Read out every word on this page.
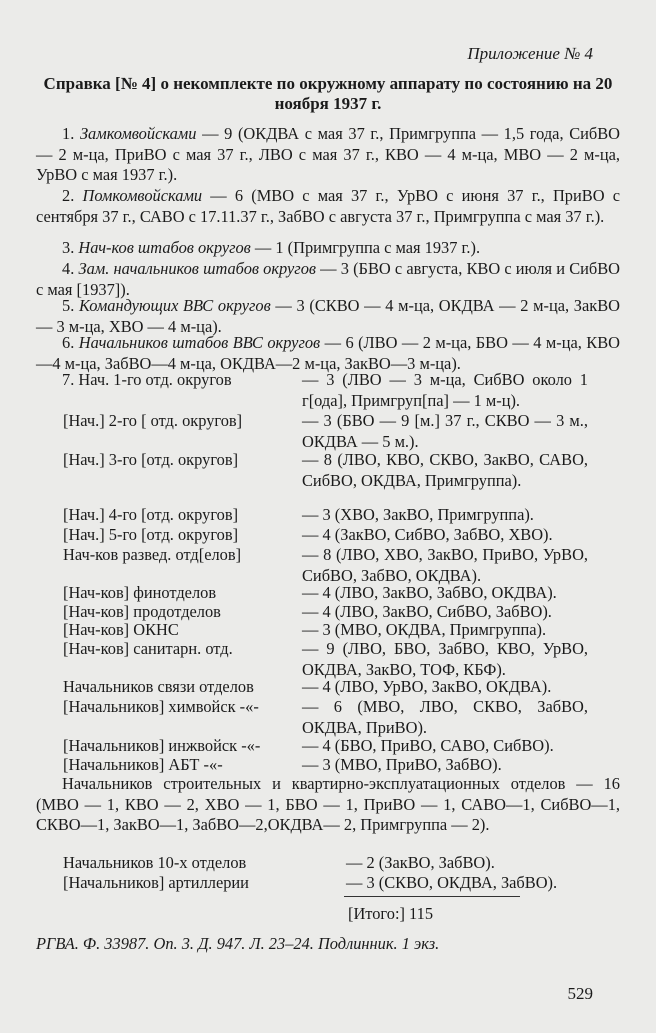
Приложение № 4
Справка [№ 4] о некомплекте по окружному аппарату по состоянию на 20 ноября 1937 г.
1. Замкомвойсками — 9 (ОКДВА с мая 37 г., Примгруппа — 1,5 года, СибВО — 2 м-ца, ПриВО с мая 37 г., ЛВО с мая 37 г., КВО — 4 м-ца, МВО — 2 м-ца, УрВО с мая 1937 г.).
2. Помкомвойсками — 6 (МВО с мая 37 г., УрВО с июня 37 г., ПриВО с сентября 37 г., САВО с 17.11.37 г., ЗабВО с августа 37 г., Примгруппа с мая 37 г.).
3. Нач-ков штабов округов — 1 (Примгруппа с мая 1937 г.).
4. Зам. начальников штабов округов — 3 (БВО с августа, КВО с июля и СибВО с мая [1937]).
5. Командующих ВВС округов — 3 (СКВО — 4 м-ца, ОКДВА — 2 м-ца, ЗакВО — 3 м-ца, ХВО — 4 м-ца).
6. Начальников штабов ВВС округов — 6 (ЛВО — 2 м-ца, БВО — 4 м-ца, КВО—4 м-ца, ЗабВО—4 м-ца, ОКДВА—2 м-ца, ЗакВО—3 м-ца).
7. Нач. 1-го отд. округов	— 3 (ЛВО — 3 м-ца, СибВО около 1 г[ода], Примгруп[па] — 1 м-ц).
[Нач.] 2-го [ отд. округов]	— 3 (БВО — 9 [м.] 37 г., СКВО — 3 м., ОКДВА — 5 м.).
[Нач.] 3-го [отд. округов]	— 8 (ЛВО, КВО, СКВО, ЗакВО, САВО, СибВО, ОКДВА, Примгруппа).
[Нач.] 4-го [отд. округов]	— 3 (ХВО, ЗакВО, Примгруппа).
[Нач.] 5-го [отд. округов]	— 4 (ЗакВО, СибВО, ЗабВО, ХВО).
Нач-ков развед. отд[елов]	— 8 (ЛВО, ХВО, ЗакВО, ПриВО, УрВО, СибВО, ЗабВО, ОКДВА).
[Нач-ков] финотделов	— 4 (ЛВО, ЗакВО, ЗабВО, ОКДВА).
[Нач-ков] продотделов	— 4 (ЛВО, ЗакВО, СибВО, ЗабВО).
[Нач-ков] ОКНС	— 3 (МВО, ОКДВА, Примгруппа).
[Нач-ков] санитарн. отд.	— 9 (ЛВО, БВО, ЗабВО, КВО, УрВО, ОКДВА, ЗакВО, ТОФ, КБФ).
Начальников связи отделов	— 4 (ЛВО, УрВО, ЗакВО, ОКДВА).
[Начальников] химвойск -«-	— 6 (МВО, ЛВО, СКВО, ЗабВО, ОКДВА, ПриВО).
[Начальников] инжвойск -«-	— 4 (БВО, ПриВО, САВО, СибВО).
[Начальников] АБТ -«-	— 3 (МВО, ПриВО, ЗабВО).
Начальников строительных и квартирно-эксплуатационных отделов — 16 (МВО — 1, КВО — 2, ХВО — 1, БВО — 1, ПриВО — 1, САВО—1, СибВО—1, СКВО—1, ЗакВО—1, ЗабВО—2,ОКДВА— 2, Примгруппа — 2).
Начальников 10-х отделов	— 2 (ЗакВО, ЗабВО).
[Начальников] артиллерии	— 3 (СКВО, ОКДВА, ЗабВО).
[Итого:] 115
РГВА. Ф. 33987. Оп. 3. Д. 947. Л. 23–24. Подлинник. 1 экз.
529
